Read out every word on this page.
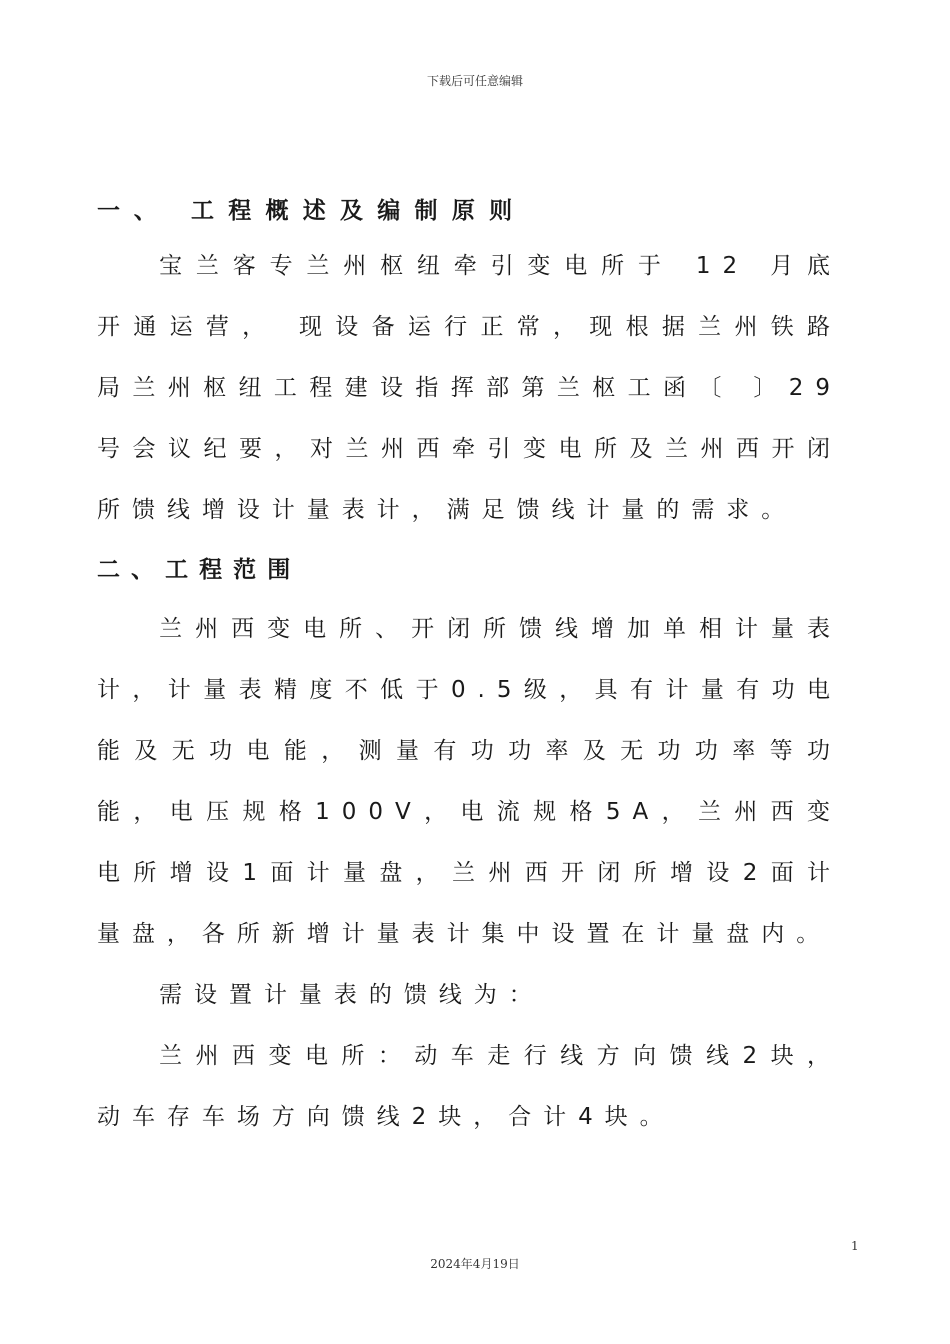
下载后可任意编辑
一、 工程概述及编制原则

宝兰客专兰州枢纽牵引变电所于 12 月底开通运营， 现设备运行正常，现根据兰州铁路局兰州枢纽工程建设指挥部第兰枢工函〔 〕29号会议纪要，对兰州西牵引变电所及兰州西开闭所馈线增设计量表计，满足馈线计量的需求。

二、工程范围

兰州西变电所、开闭所馈线增加单相计量表计，计量表精度不低于0.5级，具有计量有功电能及无功电能，测量有功功率及无功功率等功能，电压规格100V，电流规格5A，兰州西变电所增设1面计量盘，兰州西开闭所增设2面计量盘，各所新增计量表计集中设置在计量盘内。

需设置计量表的馈线为：

兰州西变电所：动车走行线方向馈线2块，动车存车场方向馈线2块，合计4块。

1
2024年4月19日
